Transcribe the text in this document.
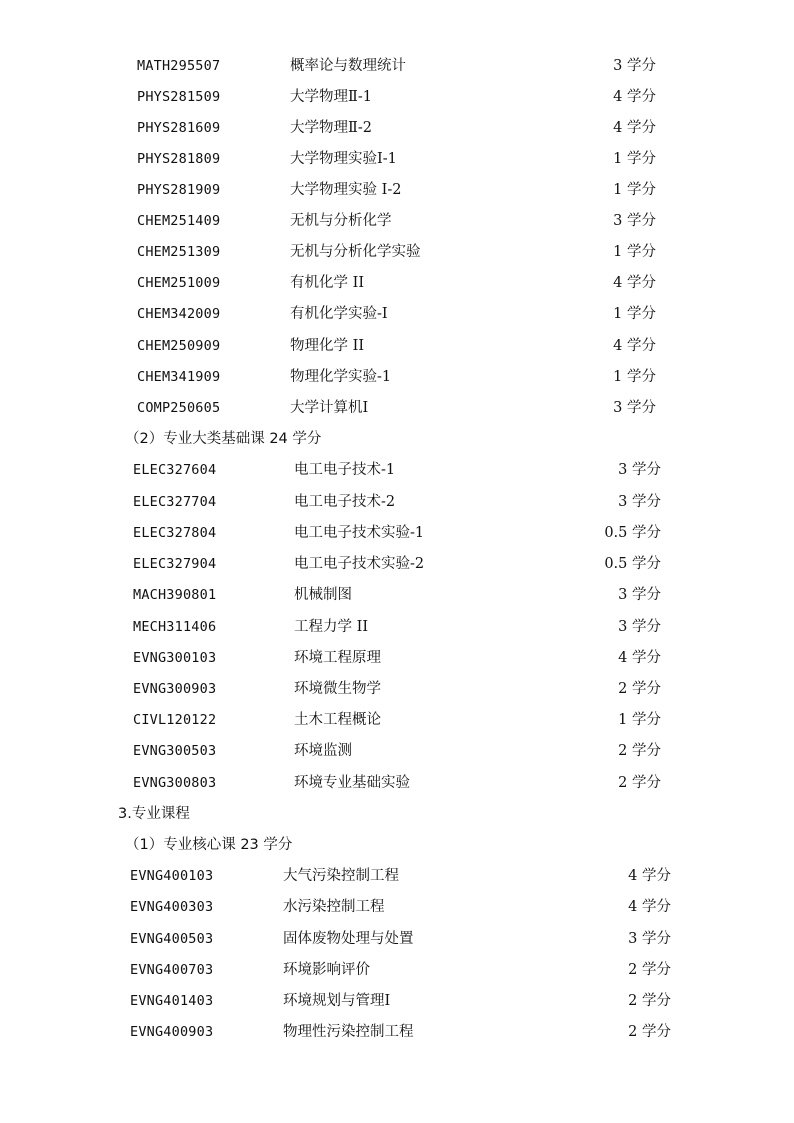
MATH295507	概率论与数理统计	3 学分
PHYS281509	大学物理Ⅱ-1	4 学分
PHYS281609	大学物理Ⅱ-2	4 学分
PHYS281809	大学物理实验Ⅰ-1	1 学分
PHYS281909	大学物理实验 I-2	1 学分
CHEM251409	无机与分析化学	3 学分
CHEM251309	无机与分析化学实验	1 学分
CHEM251009	有机化学 II	4 学分
CHEM342009	有机化学实验-I	1 学分
CHEM250909	物理化学 II	4 学分
CHEM341909	物理化学实验-1	1 学分
COMP250605	大学计算机Ⅰ	3 学分
（2）专业大类基础课 24 学分
ELEC327604	电工电子技术-1	3 学分
ELEC327704	电工电子技术-2	3 学分
ELEC327804	电工电子技术实验-1	0.5 学分
ELEC327904	电工电子技术实验-2	0.5 学分
MACH390801	机械制图	3 学分
MECH311406	工程力学 II	3 学分
EVNG300103	环境工程原理	4 学分
EVNG300903	环境微生物学	2 学分
CIVL120122	土木工程概论	1 学分
EVNG300503	环境监测	2 学分
EVNG300803	环境专业基础实验	2 学分
3.专业课程
（1）专业核心课 23 学分
EVNG400103	大气污染控制工程	4 学分
EVNG400303	水污染控制工程	4 学分
EVNG400503	固体废物处理与处置	3 学分
EVNG400703	环境影响评价	2 学分
EVNG401403	环境规划与管理Ⅰ	2 学分
EVNG400903	物理性污染控制工程	2 学分
